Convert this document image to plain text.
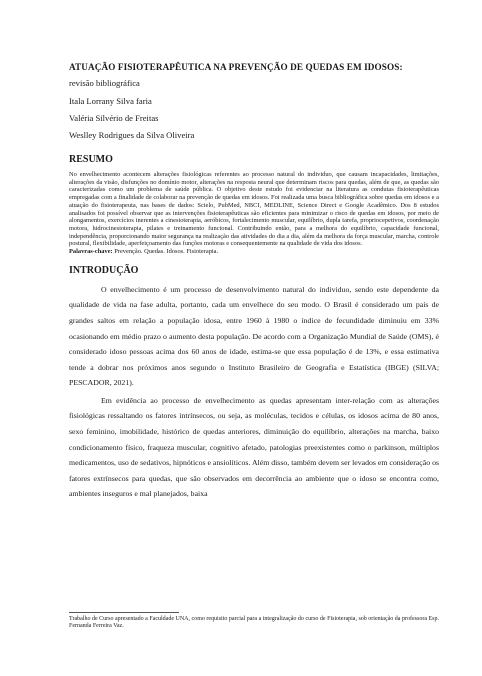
ATUAÇÃO FISIOTERAPÊUTICA NA PREVENÇÃO DE QUEDAS EM IDOSOS:

revisão bibliográfica

Itala Lorrany Silva faria

Valéria Silvério de Freitas

Weslley Rodrigues da Silva Oliveira

RESUMO

No envelhecimento acontecem alterações fisiológicas referentes ao processo natural do individuo, que causam incapacidades, limitações, alterações da visão, disfunções no domínio motor, alterações na resposta neural que determinam riscos para quedas, além de que, as quedas são caracterizadas como um problema de saúde pública. O objetivo deste estudo foi evidenciar na literatura as condutas fisioterapêuticas empregadas com a finalidade de colaborar na prevenção de quedas em idosos. Foi realizada uma busca bibliográfica sobre quedas em idosos e a atuação do fisioterapeuta, nas bases de dados: Scielo, PubMed, NBCI, MEDLINE, Science Direct e Google Acadêmico. Dos 8 estudos analisados foi possível observar que as intervenções fisioterapêuticas são eficientes para minimizar o risco de quedas em idosos, por meio de alongamentos, exercícios inerentes a cinesioterapia, aeróbicos, fortalecimento muscular, equilíbrio, dupla tarefa, propriocepetivos, coordenação motora, hidrocinesioterapia, pilates e treinamento funcional. Contribuindo então, para a melhora do equilíbrio, capacidade funcional, independência, proporcionando maior segurança na realização das atividades do dia a dia, além da melhora da força muscular, marcha, controle postural, flexibilidade, aperfeiçoamento das funções motoras e consequentemente na qualidade de vida dos idosos.

Palavras-chave: Prevenção. Quedas. Idosos. Fisioterapia.

INTRODUÇÃO

O envelhecimento é um processo de desenvolvimento natural do individuo, sendo este dependente da qualidade de vida na fase adulta, portanto, cada um envelhece do seu modo. O Brasil é considerado um país de grandes saltos em relação a população idosa, entre 1960 à 1980 o índice de fecundidade diminuiu em 33% ocasionando em médio prazo o aumento desta população. De acordo com a Organização Mundial de Saúde (OMS), é considerado idoso pessoas acima dos 60 anos de idade, estima-se que essa população é de 13%, e essa estimativa tende a dobrar nos próximos anos segundo o Instituto Brasileiro de Geografia e Estatística (IBGE) (SILVA; PESCADOR, 2021).

Em evidência ao processo de envelhecimento as quedas apresentam inter-relação com as alterações fisiológicas ressaltando os fatores intrínsecos, ou seja, as moléculas, tecidos e células, os idosos acima de 80 anos, sexo feminino, imobilidade, histórico de quedas anteriores, diminuição do equilíbrio, alterações na marcha, baixo condicionamento físico, fraqueza muscular, cognitivo afetado, patologias preexistentes como o parkinson, múltiplos medicamentos, uso de sedativos, hipnóticos e ansiolíticos. Além disso, também devem ser levados em consideração os fatores extrínsecos para quedas, que são observados em decorrência ao ambiente que o idoso se encontra como, ambientes inseguros e mal planejados, baixa

Trabalho de Curso apresentado a Faculdade UNA, como requisito parcial para a integralização do curso de Fisioterapia, sob orientação da professora Esp. Fernanda Ferreira Vaz.
